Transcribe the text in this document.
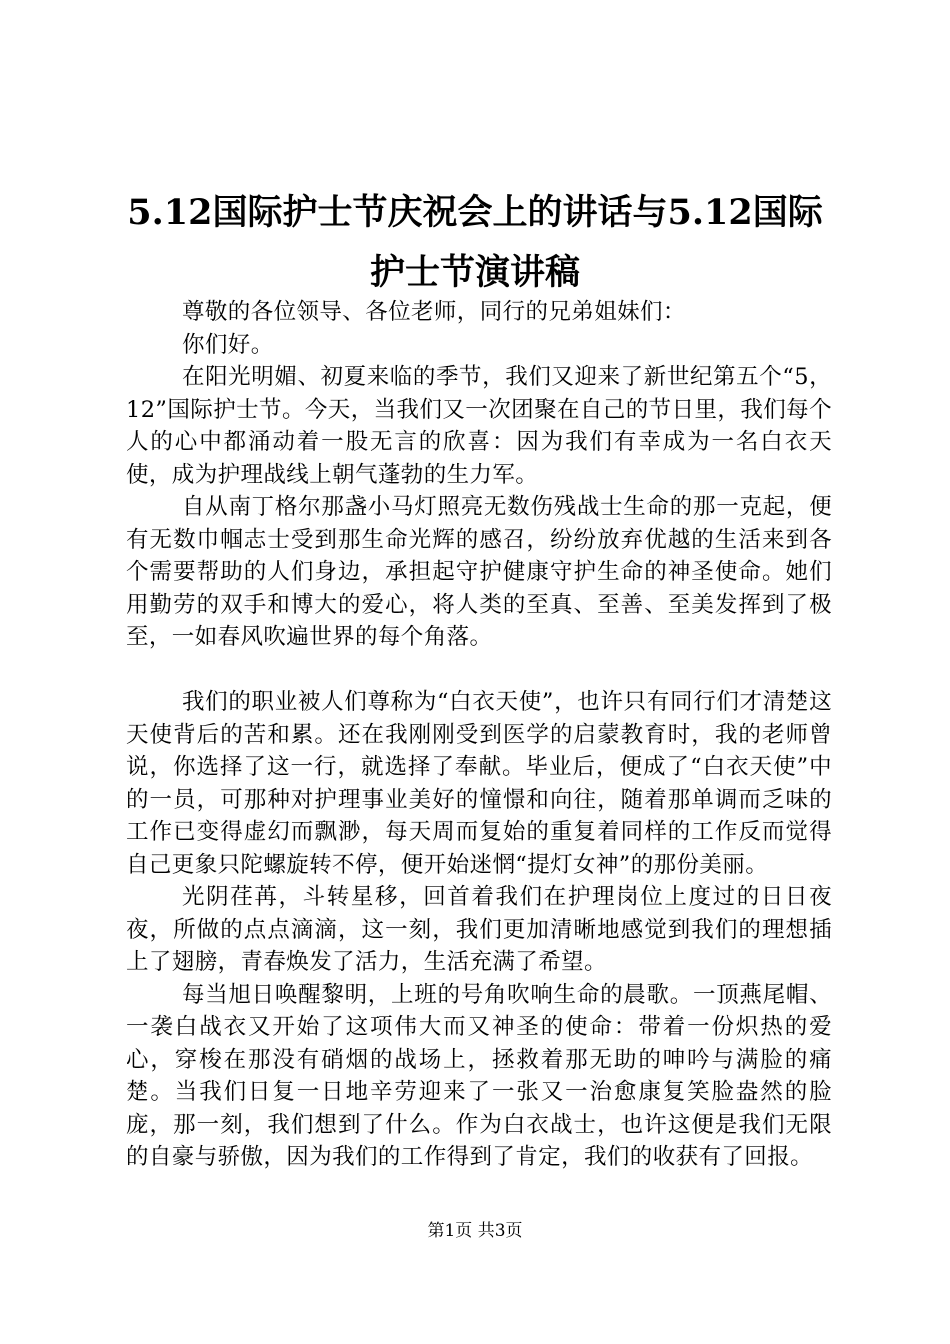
5.12国际护士节庆祝会上的讲话与5.12国际
护士节演讲稿

尊敬的各位领导、各位老师，同行的兄弟姐妹们：

你们好。

在阳光明媚、初夏来临的季节，我们又迎来了新世纪第五个“5，12”国际护士节。今天，当我们又一次团聚在自己的节日里，我们每个人的心中都涌动着一股无言的欣喜：因为我们有幸成为一名白衣天使，成为护理战线上朝气蓬勃的生力军。

自从南丁格尔那盏小马灯照亮无数伤残战士生命的那一克起，便有无数巾帼志士受到那生命光辉的感召，纷纷放弃优越的生活来到各个需要帮助的人们身边，承担起守护健康守护生命的神圣使命。她们用勤劳的双手和博大的爱心，将人类的至真、至善、至美发挥到了极至，一如春风吹遍世界的每个角落。

我们的职业被人们尊称为“白衣天使”，也许只有同行们才清楚这天使背后的苦和累。还在我刚刚受到医学的启蒙教育时，我的老师曾说，你选择了这一行，就选择了奉献。毕业后，便成了“白衣天使”中的一员，可那种对护理事业美好的憧憬和向往，随着那单调而乏味的工作已变得虚幻而飘渺，每天周而复始的重复着同样的工作反而觉得自己更象只陀螺旋转不停，便开始迷惘“提灯女神”的那份美丽。

光阴荏苒，斗转星移，回首着我们在护理岗位上度过的日日夜夜，所做的点点滴滴，这一刻，我们更加清晰地感觉到我们的理想插上了翅膀，青春焕发了活力，生活充满了希望。

每当旭日唤醒黎明，上班的号角吹响生命的晨歌。一顶燕尾帽、一袭白战衣又开始了这项伟大而又神圣的使命：带着一份炽热的爱心，穿梭在那没有硝烟的战场上，拯救着那无助的呻吟与满脸的痛楚。当我们日复一日地辛劳迎来了一张又一治愈康复笑脸盎然的脸庞，那一刻，我们想到了什么。作为白衣战士，也许这便是我们无限的自豪与骄傲，因为我们的工作得到了肯定，我们的收获有了回报。

第1页 共3页
